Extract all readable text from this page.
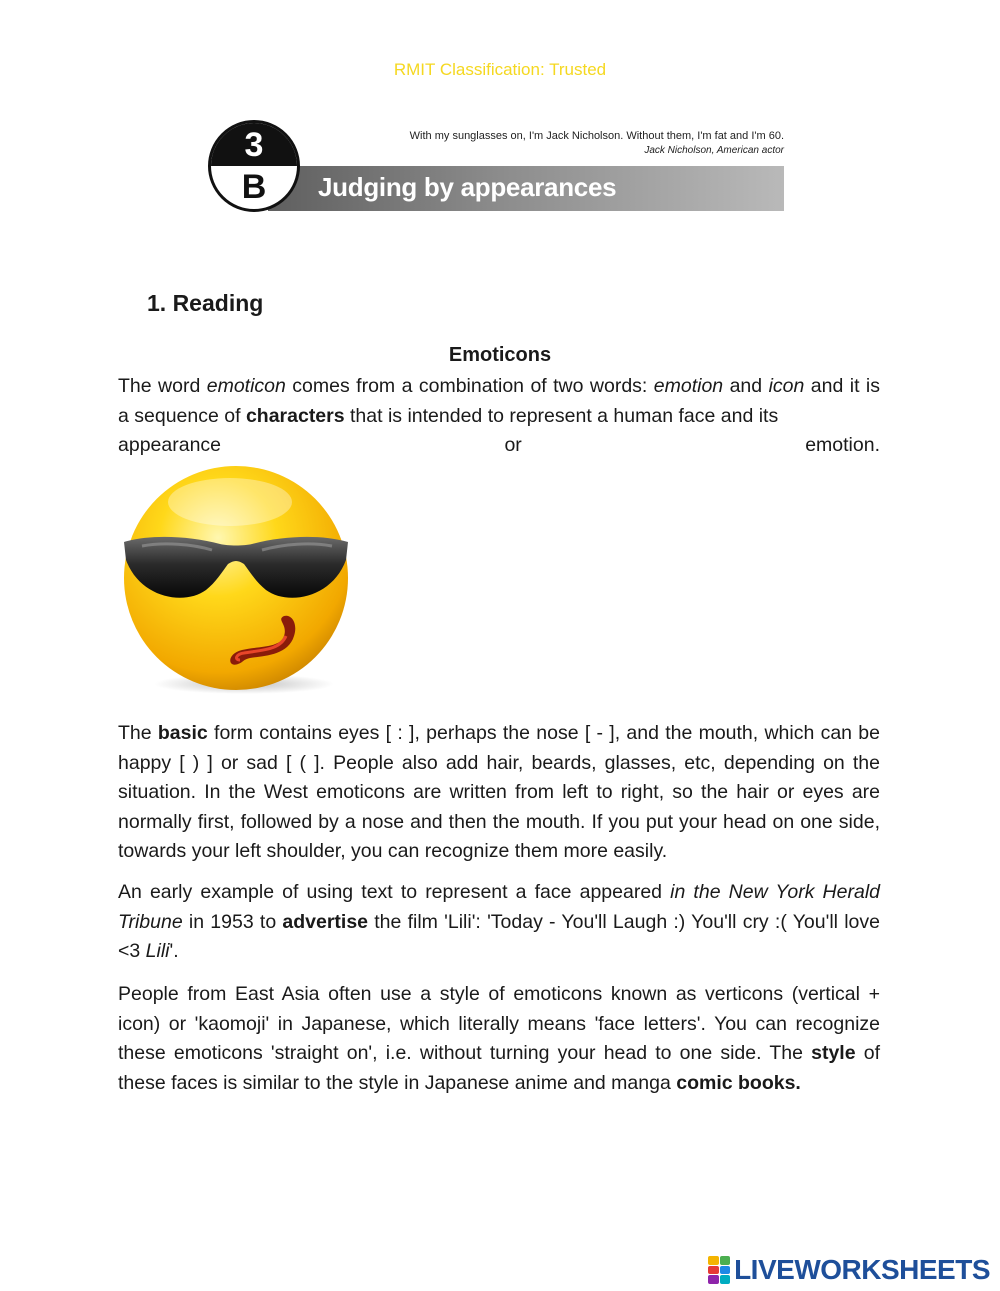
RMIT Classification: Trusted
Judging by appearances
3
B
With my sunglasses on, I'm Jack Nicholson. Without them, I'm fat and I'm 60.
Jack Nicholson, American actor
1. Reading
Emoticons
The word emoticon comes from a combination of two words: emotion and icon and it is a sequence of characters that is intended to represent a human face and its
appearance	or	emotion.
The basic form contains eyes [ : ], perhaps the nose [ - ], and the mouth, which can be happy [ ) ] or sad [ ( ]. People also add hair, beards, glasses, etc, depending on the situation. In the West emoticons are written from left to right, so the hair or eyes are normally first, followed by a nose and then the mouth. If you put your head on one side, towards your left shoulder, you can recognize them more easily.
An early example of using text to represent a face appeared in the New York Herald Tribune in 1953 to advertise the film 'Lili': 'Today - You'll Laugh :) You'll cry :( You'll love <3 Lili'.
People from East Asia often use a style of emoticons known as verticons (vertical + icon) or 'kaomoji' in Japanese, which literally means 'face letters'. You can recognize these emoticons 'straight on', i.e. without turning your head to one side. The style of these faces is similar to the style in Japanese anime and manga comic books.
LIVEWORKSHEETS
